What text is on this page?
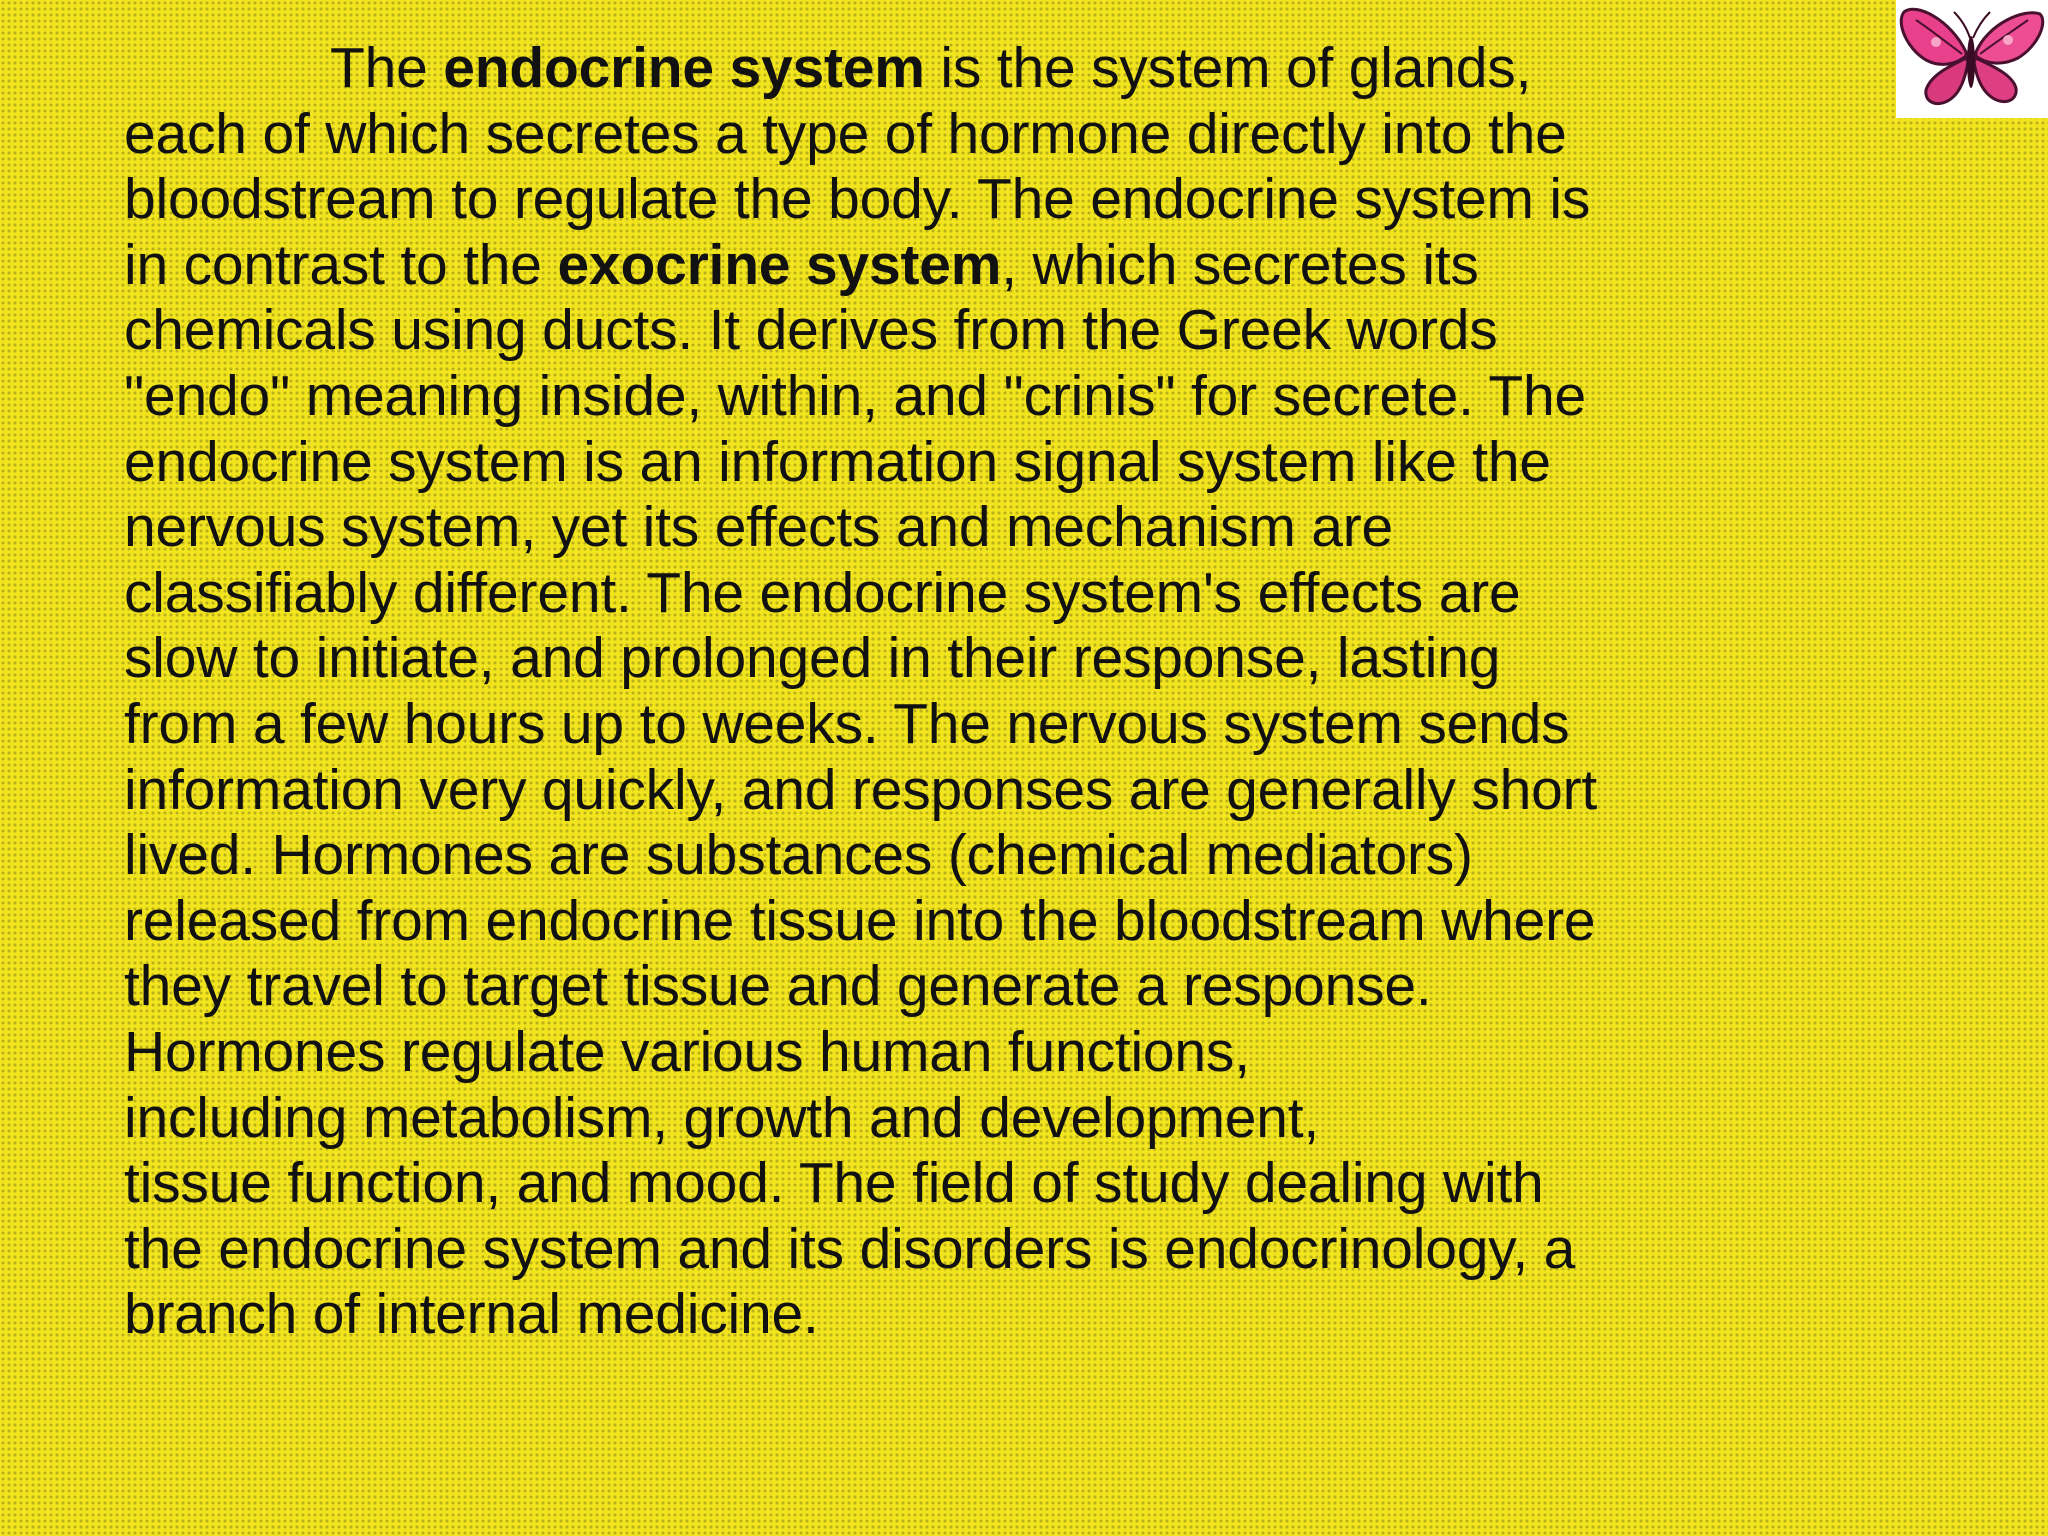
The endocrine system is the system of glands,
each of which secretes a type of hormone directly into the
bloodstream to regulate the body. The endocrine system is
in contrast to the exocrine system, which secretes its
chemicals using ducts. It derives from the Greek words
"endo" meaning inside, within, and "crinis" for secrete. The
endocrine system is an information signal system like the
nervous system, yet its effects and mechanism are
classifiably different. The endocrine system's effects are
slow to initiate, and prolonged in their response, lasting
from a few hours up to weeks. The nervous system sends
information very quickly, and responses are generally short
lived. Hormones are substances (chemical mediators)
released from endocrine tissue into the bloodstream where
they travel to target tissue and generate a response.
Hormones regulate various human functions,
including metabolism, growth and development,
tissue function, and mood. The field of study dealing with
the endocrine system and its disorders is endocrinology, a
branch of internal medicine.
